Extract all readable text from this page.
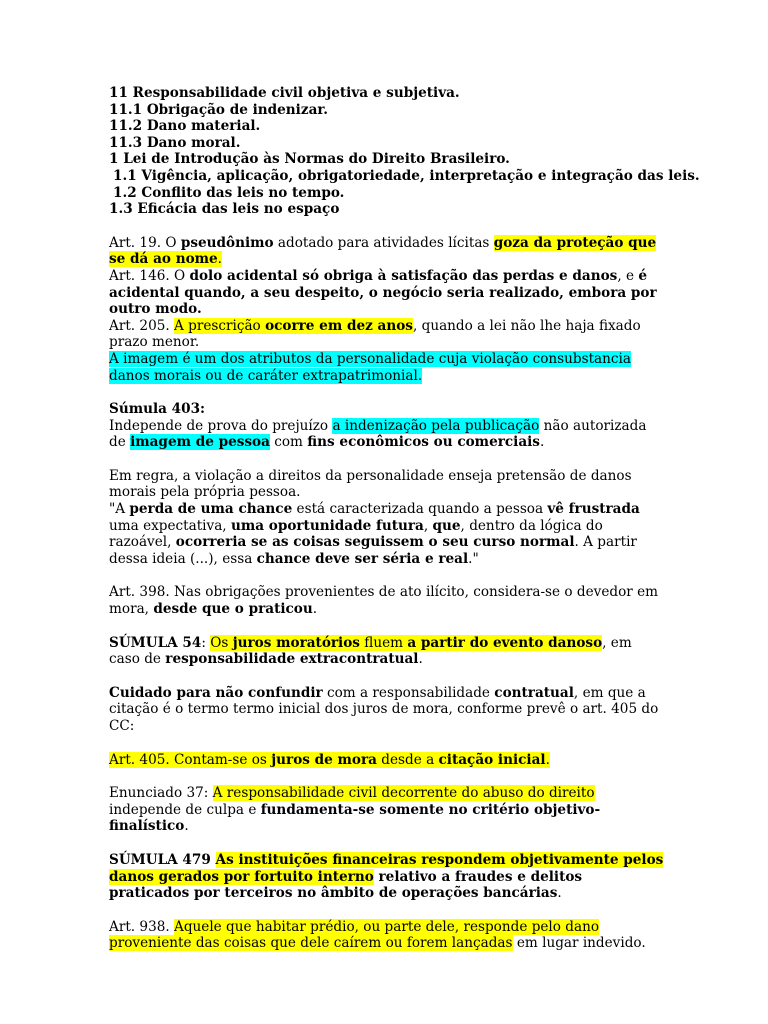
11 Responsabilidade civil objetiva e subjetiva.

11.1 Obrigação de indenizar.

11.2 Dano material.

11.3 Dano moral.

1 Lei de Introdução às Normas do Direito Brasileiro.

1.1 Vigência, aplicação, obrigatoriedade, interpretação e integração das leis.

1.2 Conflito das leis no tempo.

1.3 Eficácia das leis no espaço

Art. 19. O pseudônimo adotado para atividades lícitas goza da proteção que se dá ao nome.

Art. 146. O dolo acidental só obriga à satisfação das perdas e danos, e é acidental quando, a seu despeito, o negócio seria realizado, embora por outro modo.

Art. 205. A prescrição ocorre em dez anos, quando a lei não lhe haja fixado prazo menor.

A imagem é um dos atributos da personalidade cuja violação consubstancia danos morais ou de caráter extrapatrimonial.

Súmula 403:

Independe de prova do prejuízo a indenização pela publicação não autorizada de imagem de pessoa com fins econômicos ou comerciais.

Em regra, a violação a direitos da personalidade enseja pretensão de danos morais pela própria pessoa.

"A perda de uma chance está caracterizada quando a pessoa vê frustrada uma expectativa, uma oportunidade futura, que, dentro da lógica do razoável, ocorreria se as coisas seguissem o seu curso normal. A partir dessa ideia (...), essa chance deve ser séria e real."

Art. 398. Nas obrigações provenientes de ato ilícito, considera-se o devedor em mora, desde que o praticou.

SÚMULA 54: Os juros moratórios fluem a partir do evento danoso, em caso de responsabilidade extracontratual.

Cuidado para não confundir com a responsabilidade contratual, em que a citação é o termo termo inicial dos juros de mora, conforme prevê o art. 405 do CC:

Art. 405. Contam-se os juros de mora desde a citação inicial.

Enunciado 37: A responsabilidade civil decorrente do abuso do direito independe de culpa e fundamenta-se somente no critério objetivo-finalístico.

SÚMULA 479 As instituições financeiras respondem objetivamente pelos danos gerados por fortuito interno relativo a fraudes e delitos praticados por terceiros no âmbito de operações bancárias.

Art. 938. Aquele que habitar prédio, ou parte dele, responde pelo dano proveniente das coisas que dele caírem ou forem lançadas em lugar indevido.
